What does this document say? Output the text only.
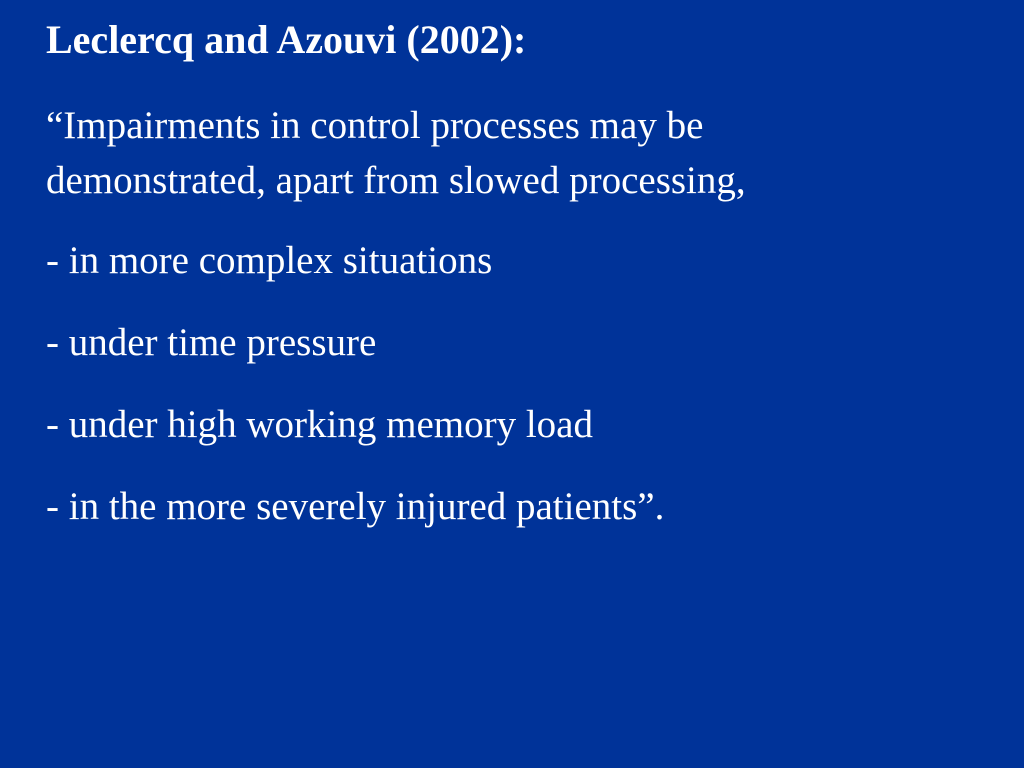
Leclercq and Azouvi (2002):

“Impairments in control processes may be

demonstrated, apart from slowed processing,

- in more complex situations
- under time pressure
- under high working memory load
- in the more severely injured patients”.
